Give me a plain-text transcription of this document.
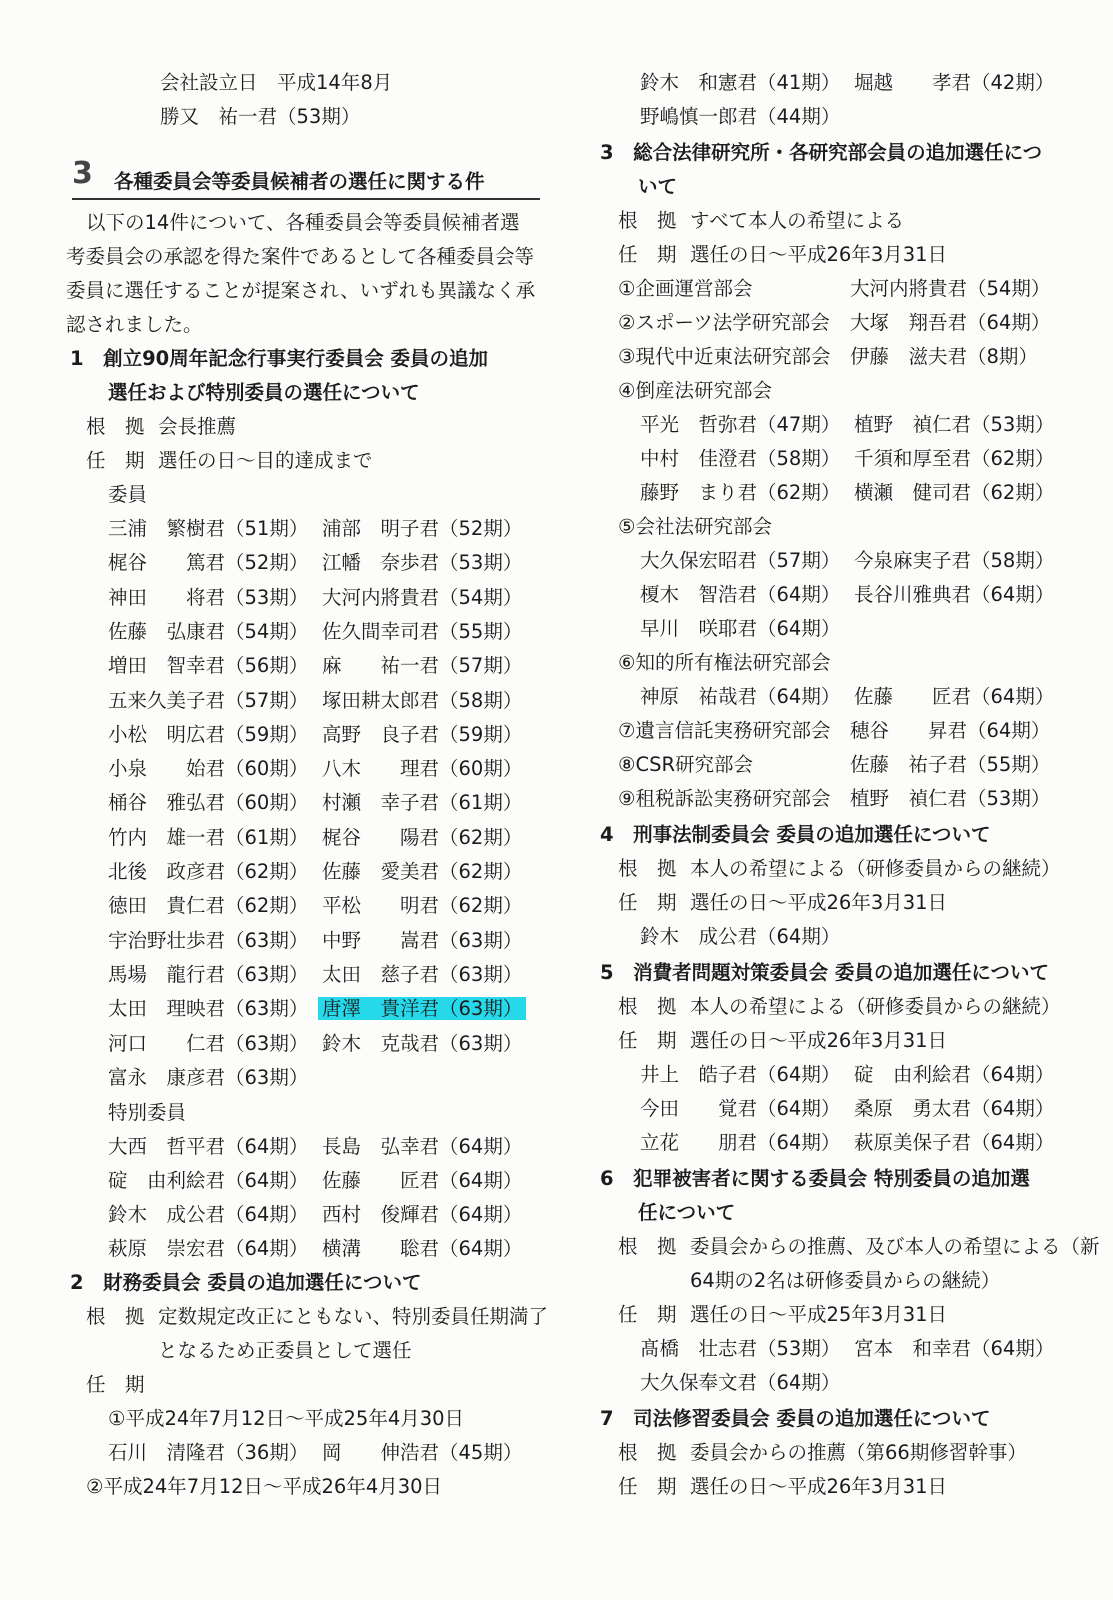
会社設立日　平成14年8月
勝又　祐一君（53期）
3 各種委員会等委員候補者の選任に関する件
以下の14件について、各種委員会等委員候補者選
考委員会の承認を得た案件であるとして各種委員会等
委員に選任することが提案され、いずれも異議なく承
認されました。
1　創立90周年記念行事実行委員会 委員の追加
選任および特別委員の選任について
根　拠 会長推薦
任　期 選任の日～目的達成まで
委員
三浦　繁樹君（51期） 浦部　明子君（52期）
梶谷　　篤君（52期） 江幡　奈歩君（53期）
神田　　将君（53期） 大河内將貴君（54期）
佐藤　弘康君（54期） 佐久間幸司君（55期）
増田　智幸君（56期） 麻　　祐一君（57期）
五来久美子君（57期） 塚田耕太郎君（58期）
小松　明広君（59期） 高野　良子君（59期）
小泉　　始君（60期） 八木　　理君（60期）
桶谷　雅弘君（60期） 村瀬　幸子君（61期）
竹内　雄一君（61期） 梶谷　　陽君（62期）
北後　政彦君（62期） 佐藤　愛美君（62期）
徳田　貴仁君（62期） 平松　　明君（62期）
宇治野壮歩君（63期） 中野　　嵩君（63期）
馬場　龍行君（63期） 太田　慈子君（63期）
太田　理映君（63期） 唐澤　貴洋君（63期）
河口　　仁君（63期） 鈴木　克哉君（63期）
富永　康彦君（63期）
特別委員
大西　哲平君（64期） 長島　弘幸君（64期）
碇　由利絵君（64期） 佐藤　　匠君（64期）
鈴木　成公君（64期） 西村　俊輝君（64期）
萩原　崇宏君（64期） 横溝　　聡君（64期）
2　財務委員会 委員の追加選任について
根　拠 定数規定改正にともない、特別委員任期満了
となるため正委員として選任
任　期
①平成24年7月12日～平成25年4月30日
石川　清隆君（36期） 岡　　伸浩君（45期）
②平成24年7月12日～平成26年4月30日
鈴木　和憲君（41期） 堀越　　孝君（42期）
野嶋慎一郎君（44期）
3　総合法律研究所・各研究部会員の追加選任につ
いて
根　拠 すべて本人の希望による
任　期 選任の日～平成26年3月31日
①企画運営部会	大河内將貴君（54期）
②スポーツ法学研究部会 大塚　翔吾君（64期）
③現代中近東法研究部会 伊藤　滋夫君（8期）
④倒産法研究部会
平光　哲弥君（47期） 植野　禎仁君（53期）
中村　佳澄君（58期） 千須和厚至君（62期）
藤野　まり君（62期） 横瀬　健司君（62期）
⑤会社法研究部会
大久保宏昭君（57期） 今泉麻実子君（58期）
榎木　智浩君（64期） 長谷川雅典君（64期）
早川　咲耶君（64期）
⑥知的所有権法研究部会
神原　祐哉君（64期） 佐藤　　匠君（64期）
⑦遺言信託実務研究部会 穂谷　　昇君（64期）
⑧CSR研究部会	佐藤　祐子君（55期）
⑨租税訴訟実務研究部会 植野　禎仁君（53期）
4　刑事法制委員会 委員の追加選任について
根　拠 本人の希望による（研修委員からの継続）
任　期 選任の日～平成26年3月31日
鈴木　成公君（64期）
5　消費者問題対策委員会 委員の追加選任について
根　拠 本人の希望による（研修委員からの継続）
任　期 選任の日～平成26年3月31日
井上　皓子君（64期） 碇　由利絵君（64期）
今田　　覚君（64期） 桑原　勇太君（64期）
立花　　朋君（64期） 萩原美保子君（64期）
6　犯罪被害者に関する委員会 特別委員の追加選
任について
根　拠 委員会からの推薦、及び本人の希望による（新
64期の2名は研修委員からの継続）
任　期 選任の日～平成25年3月31日
髙橋　壮志君（53期） 宮本　和幸君（64期）
大久保奉文君（64期）
7　司法修習委員会 委員の追加選任について
根　拠 委員会からの推薦（第66期修習幹事）
任　期 選任の日～平成26年3月31日
